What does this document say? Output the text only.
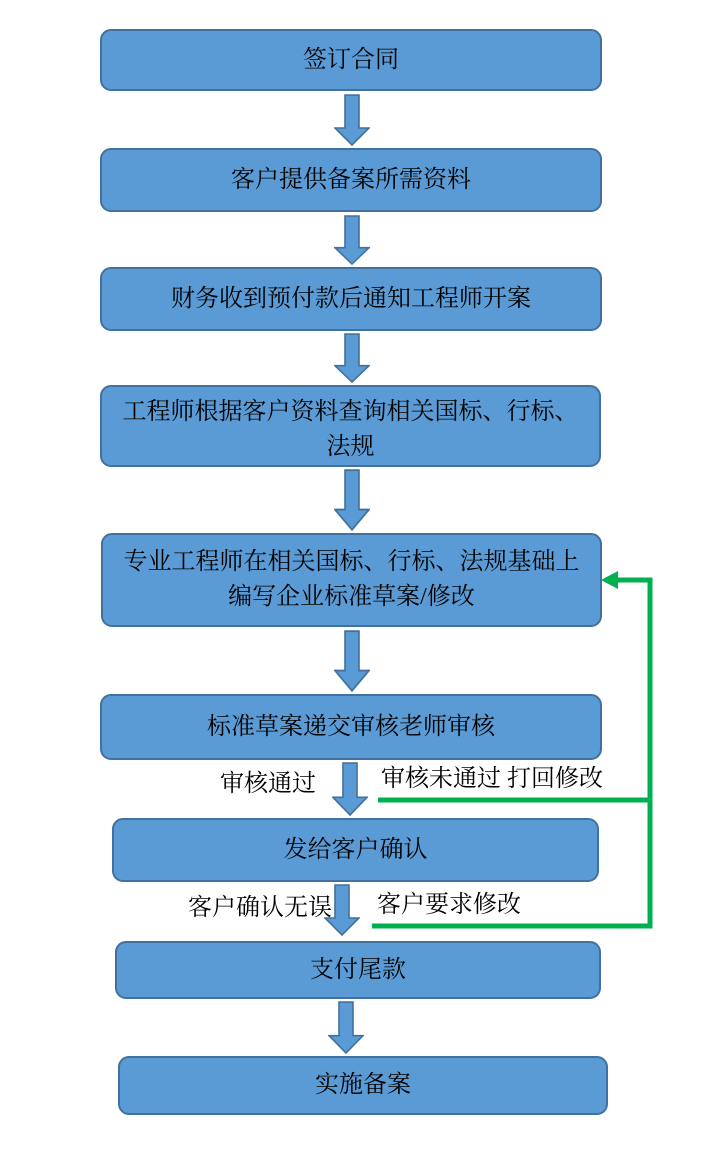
签订合同
客户提供备案所需资料
财务收到预付款后通知工程师开案
工程师根据客户资料查询相关国标、行标、法规
专业工程师在相关国标、行标、法规基础上编写企业标准草案/修改
标准草案递交审核老师审核
发给客户确认
支付尾款
实施备案
审核通过	审核未通过 打回修改
客户确认无误 客户要求修改
